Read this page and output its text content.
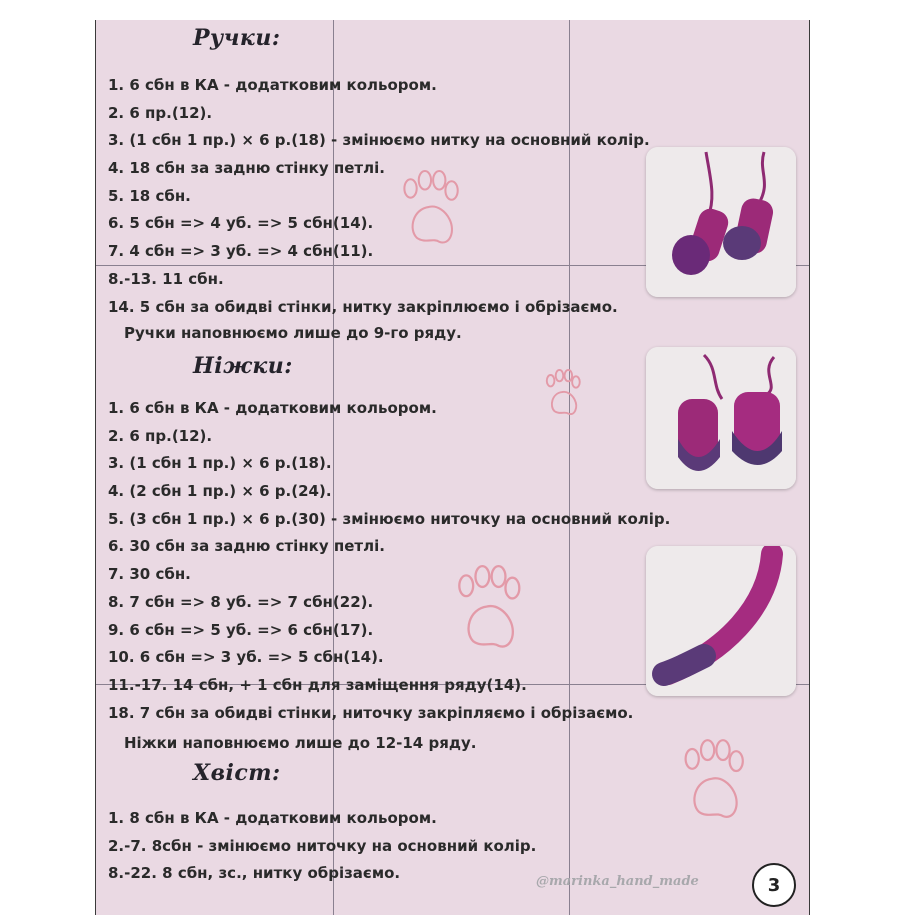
Ручки:
1. 6 сбн в КА - додатковим кольором.
2. 6 пр.(12).
3. (1 сбн 1 пр.) × 6 р.(18) - змінюємо нитку на основний колір.
4. 18 сбн за задню стінку петлі.
5. 18 сбн.
6. 5 сбн => 4 уб. => 5 сбн(14).
7. 4 сбн => 3 уб. => 4 сбн(11).
8.-13. 11 сбн.
14. 5 сбн за обидві стінки, нитку закріплюємо і обрізаємо.

Ручки наповнюємо лише до 9-го ряду.

Ніжки:
1. 6 сбн в КА - додатковим кольором.
2. 6 пр.(12).
3. (1 сбн 1 пр.) × 6 р.(18).
4. (2 сбн 1 пр.) × 6 р.(24).
5. (3 сбн 1 пр.) × 6 р.(30) - змінюємо ниточку на основний колір.
6. 30 сбн за задню стінку петлі.
7. 30 сбн.
8. 7 сбн => 8 уб. => 7 сбн(22).
9. 6 сбн => 5 уб. => 6 сбн(17).
10. 6 сбн => 3 уб. => 5 сбн(14).
11.-17. 14 сбн, + 1 сбн для заміщення ряду(14).
18. 7 сбн за обидві стінки, ниточку закріпляємо і обрізаємо.

Ніжки наповнюємо лише до 12-14 ряду.

Хвіст:
1. 8 сбн в КА - додатковим кольором.
2.-7. 8сбн - змінюємо ниточку на основний колір.
8.-22. 8 сбн, зс., нитку обрізаємо.	@marinka_hand_made	3
